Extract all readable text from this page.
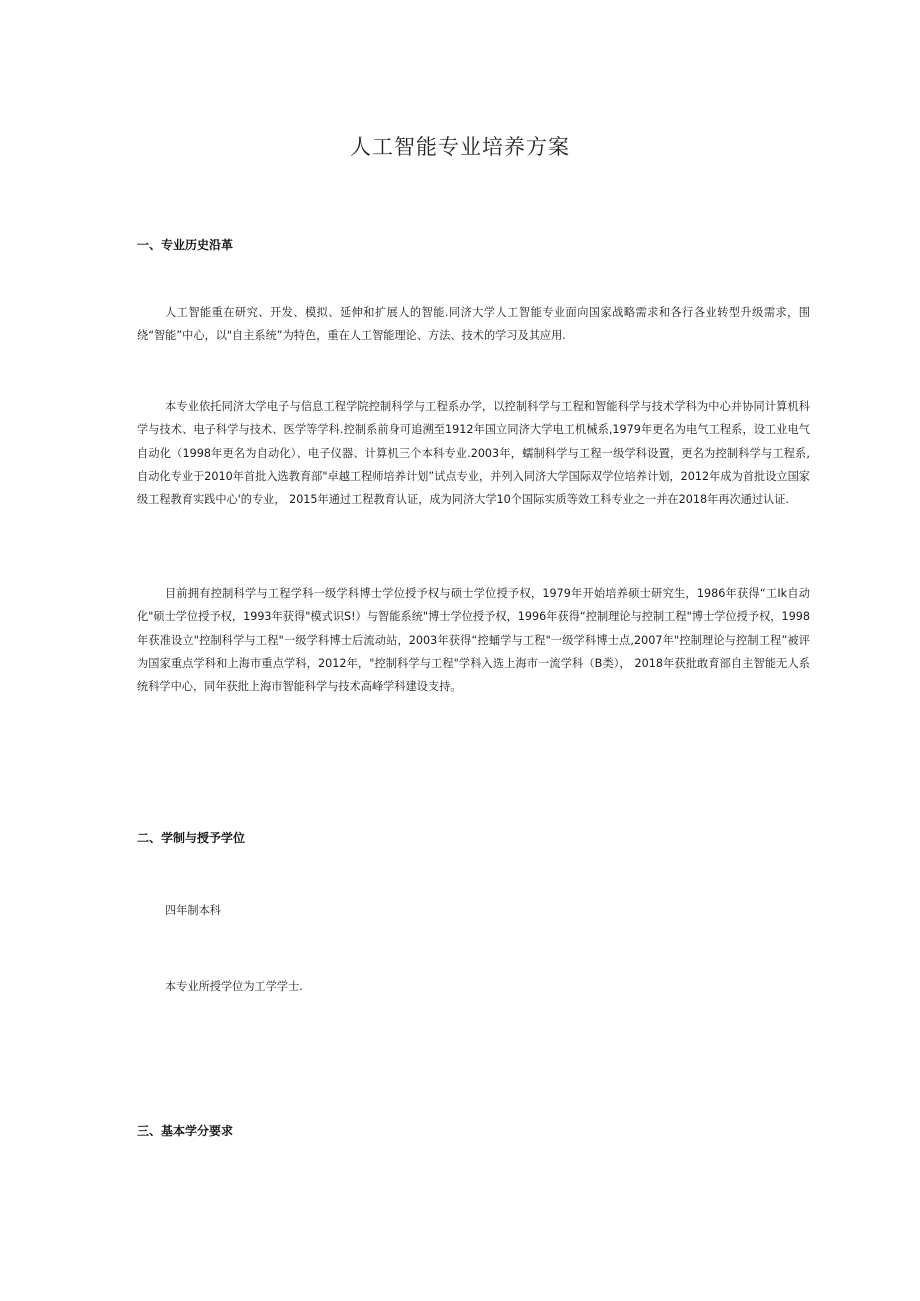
人工智能专业培养方案
一、专业历史沿革

人工智能重在研究、开发、模拟、延伸和扩展人的智能.同济大学人工智能专业面向国家战略需求和各行各业转型升级需求，围绕“智能”中心，以"自主系统”为特色，重在人工智能理论、方法、技术的学习及其应用.

本专业依托同济大学电子与信息工程学院控制科学与工程系办学，以控制科学与工程和智能科学与技术学科为中心并协同计算机科学与技术、电子科学与技术、医学等学科.控制系前身可追溯至1912年国立同济大学电工机械系,1979年更名为电气工程系，设工业电气自动化（1998年更名为自动化）、电子仪器、计算机三个本科专业.2003年，蠕制科学与工程一级学科设置，更名为控制科学与工程系,自动化专业于2010年首批入选教育部"卓越工程师培养计划”试点专业，并列入同济大学国际双学位培养计划，2012年成为首批设立国家级工程教育实践中心'的专业， 2015年通过工程教育认证，成为同济大学10个国际实质等效工科专业之一并在2018年再次通过认证.

目前拥有控制科学与工程学科一级学科博士学位授予权与硕士学位授予权，1979年开始培养硕士研究生，1986年获得“工Ik自动化"硕士学位授予权，1993年获得"模式识S!）与智能系统"博士学位授予权，1996年获得“控制理论与控制工程"博士学位授予权，1998年获准设立"控制科学与工程"一级学科博士后流动站，2003年获得“控蛹学与工程"一级学科博士点,2007年"控制理论与控制工程”被评为国家重点学科和上海市重点学科，2012年，"控制科学与工程"学科入选上海市一流学科（B类）， 2018年获批敢育部自主智能无人系统科学中心，同年获批上海市智能科学与技术高峰学科建设支持。

二、学制与授予学位

四年制本科

本专业所授学位为工学学士.

三、基本学分要求
